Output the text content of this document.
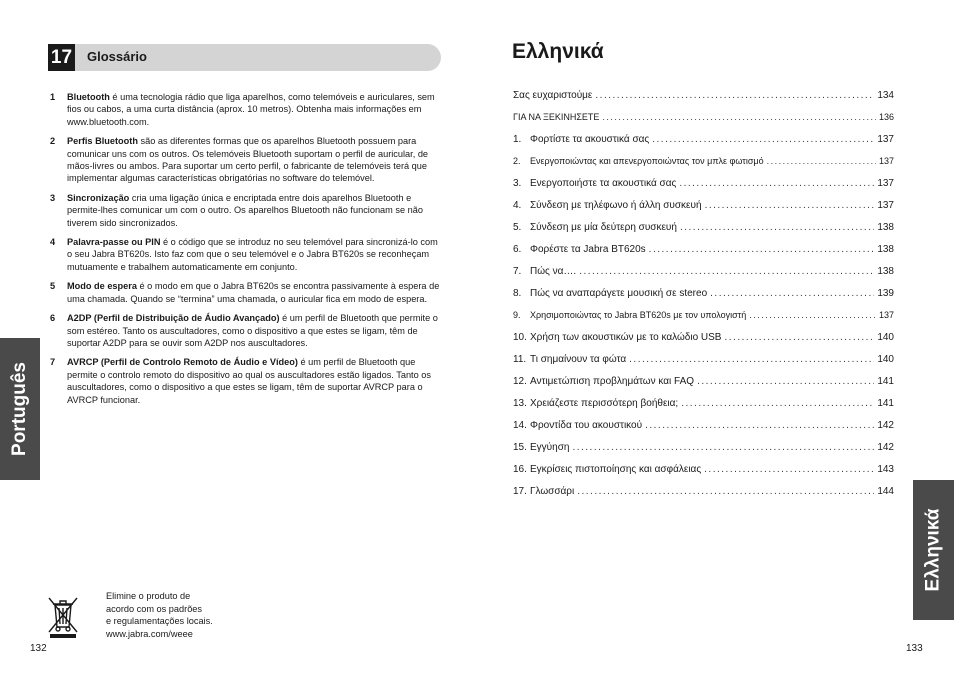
17 Glossário
1 Bluetooth é uma tecnologia rádio que liga aparelhos, como telemóveis e auriculares, sem fios ou cabos, a uma curta distância (aprox. 10 metros). Obtenha mais informações em www.bluetooth.com.
2 Perfis Bluetooth são as diferentes formas que os aparelhos Bluetooth possuem para comunicar uns com os outros. Os telemóveis Bluetooth suportam o perfil de auricular, de mãos-livres ou ambos. Para suportar um certo perfil, o fabricante de telemóveis terá que implementar algumas características obrigatórias no software do telemóvel.
3 Sincronização cria uma ligação única e encriptada entre dois aparelhos Bluetooth e permite-lhes comunicar um com o outro. Os aparelhos Bluetooth não funcionam se não tiverem sido sincronizados.
4 Palavra-passe ou PIN é o código que se introduz no seu telemóvel para sincronizá-lo com o seu Jabra BT620s. Isto faz com que o seu telemóvel e o Jabra BT620s se reconheçam mutuamente e trabalhem automaticamente em conjunto.
5 Modo de espera é o modo em que o Jabra BT620s se encontra passivamente à espera de uma chamada. Quando se “termina” uma chamada, o auricular fica em modo de espera.
6 A2DP (Perfil de Distribuição de Áudio Avançado) é um perfil de Bluetooth que permite o som estéreo. Tanto os auscultadores, como o dispositivo a que estes se ligam, têm de suportar A2DP para se ouvir som A2DP nos auscultadores.
7 AVRCP (Perfil de Controlo Remoto de Áudio e Vídeo) é um perfil de Bluetooth que permite o controlo remoto do dispositivo ao qual os auscultadores estão ligados. Tanto os auscultadores, como o dispositivo a que estes se ligam, têm de suportar AVRCP para o AVRCP funcionar.
Português
Elimine o produto de
acordo com os padrões
e regulamentações locais.
www.jabra.com/weee
132
Ελληνικά
Σας ευχαριστούμε .....	134
ΓΙΑ ΝΑ ΞΕΚΙΝΗΣΕΤΕ .....	136
1. Φορτίστε τα ακουστικά σας .....	137
2.	Ενεργοποιώντας και απενεργοποιώντας τον μπλε φωτισμό .....	137
3. Ενεργοποιήστε τα ακουστικά σας .....	137
4. Σύνδεση με τηλέφωνο ή άλλη συσκευή .....	137
5. Σύνδεση με μία δεύτερη συσκευή .....	138
6. Φορέστε τα Jabra BT620s .....	138
7. Πώς να…. .....	138
8. Πώς να αναπαράγετε μουσική σε stereo .....	139
9.	Χρησιμοποιώντας το Jabra BT620s με τον υπολογιστή .....	137
10. Χρήση των ακουστικών με το καλώδιο USB .....	140
11. Τι σημαίνουν τα φώτα .....	140
12. Αντιμετώπιση προβλημάτων και FAQ .....	141
13. Χρειάζεστε περισσότερη βοήθεια; .....	141
14. Φροντίδα του ακουστικού .....	142
15. Εγγύηση .....	142
16. Εγκρίσεις πιστοποίησης και ασφάλειας .....	143
17. Γλωσσάρι .....	144
Ελληνικά
133
